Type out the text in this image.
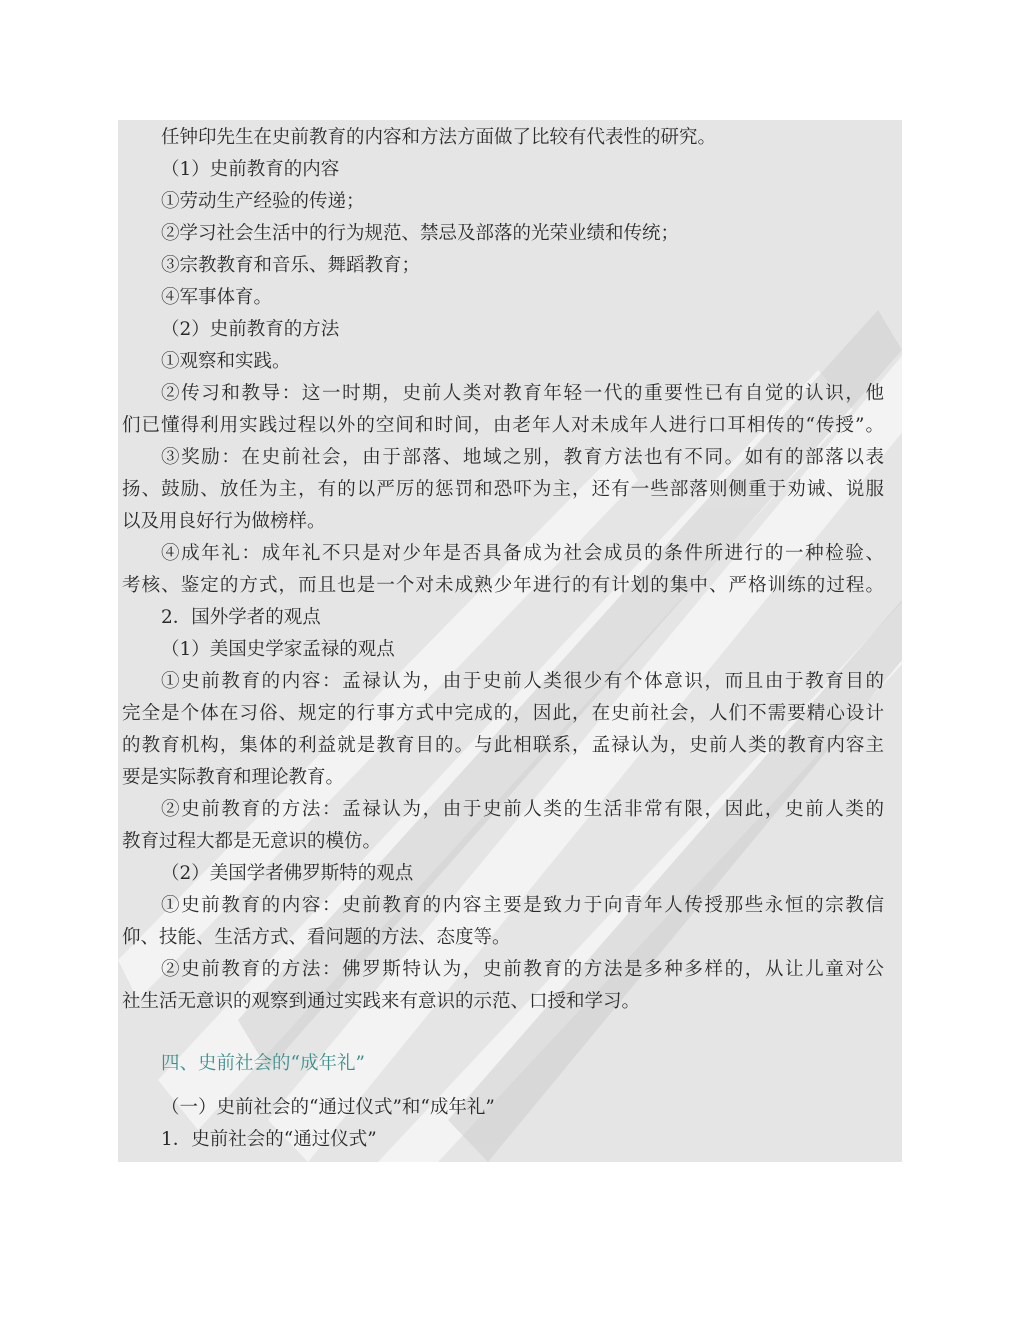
任钟印先生在史前教育的内容和方法方面做了比较有代表性的研究。
（1）史前教育的内容
①劳动生产经验的传递；
②学习社会生活中的行为规范、禁忌及部落的光荣业绩和传统；
③宗教教育和音乐、舞蹈教育；
④军事体育。
（2）史前教育的方法
①观察和实践。
②传习和教导：这一时期，史前人类对教育年轻一代的重要性已有自觉的认识，他
们已懂得利用实践过程以外的空间和时间，由老年人对未成年人进行口耳相传的“传授”。
③奖励：在史前社会，由于部落、地域之别，教育方法也有不同。如有的部落以表
扬、鼓励、放任为主，有的以严厉的惩罚和恐吓为主，还有一些部落则侧重于劝诫、说服
以及用良好行为做榜样。
④成年礼：成年礼不只是对少年是否具备成为社会成员的条件所进行的一种检验、
考核、鉴定的方式，而且也是一个对未成熟少年进行的有计划的集中、严格训练的过程。
2．国外学者的观点
（1）美国史学家孟禄的观点
①史前教育的内容：孟禄认为，由于史前人类很少有个体意识，而且由于教育目的
完全是个体在习俗、规定的行事方式中完成的，因此，在史前社会，人们不需要精心设计
的教育机构，集体的利益就是教育目的。与此相联系，孟禄认为，史前人类的教育内容主
要是实际教育和理论教育。
②史前教育的方法：孟禄认为，由于史前人类的生活非常有限，因此，史前人类的
教育过程大都是无意识的模仿。
（2）美国学者佛罗斯特的观点
①史前教育的内容：史前教育的内容主要是致力于向青年人传授那些永恒的宗教信
仰、技能、生活方式、看问题的方法、态度等。
②史前教育的方法：佛罗斯特认为，史前教育的方法是多种多样的，从让儿童对公
社生活无意识的观察到通过实践来有意识的示范、口授和学习。
四、史前社会的“成年礼”
（一）史前社会的“通过仪式”和“成年礼”
1．史前社会的“通过仪式”
